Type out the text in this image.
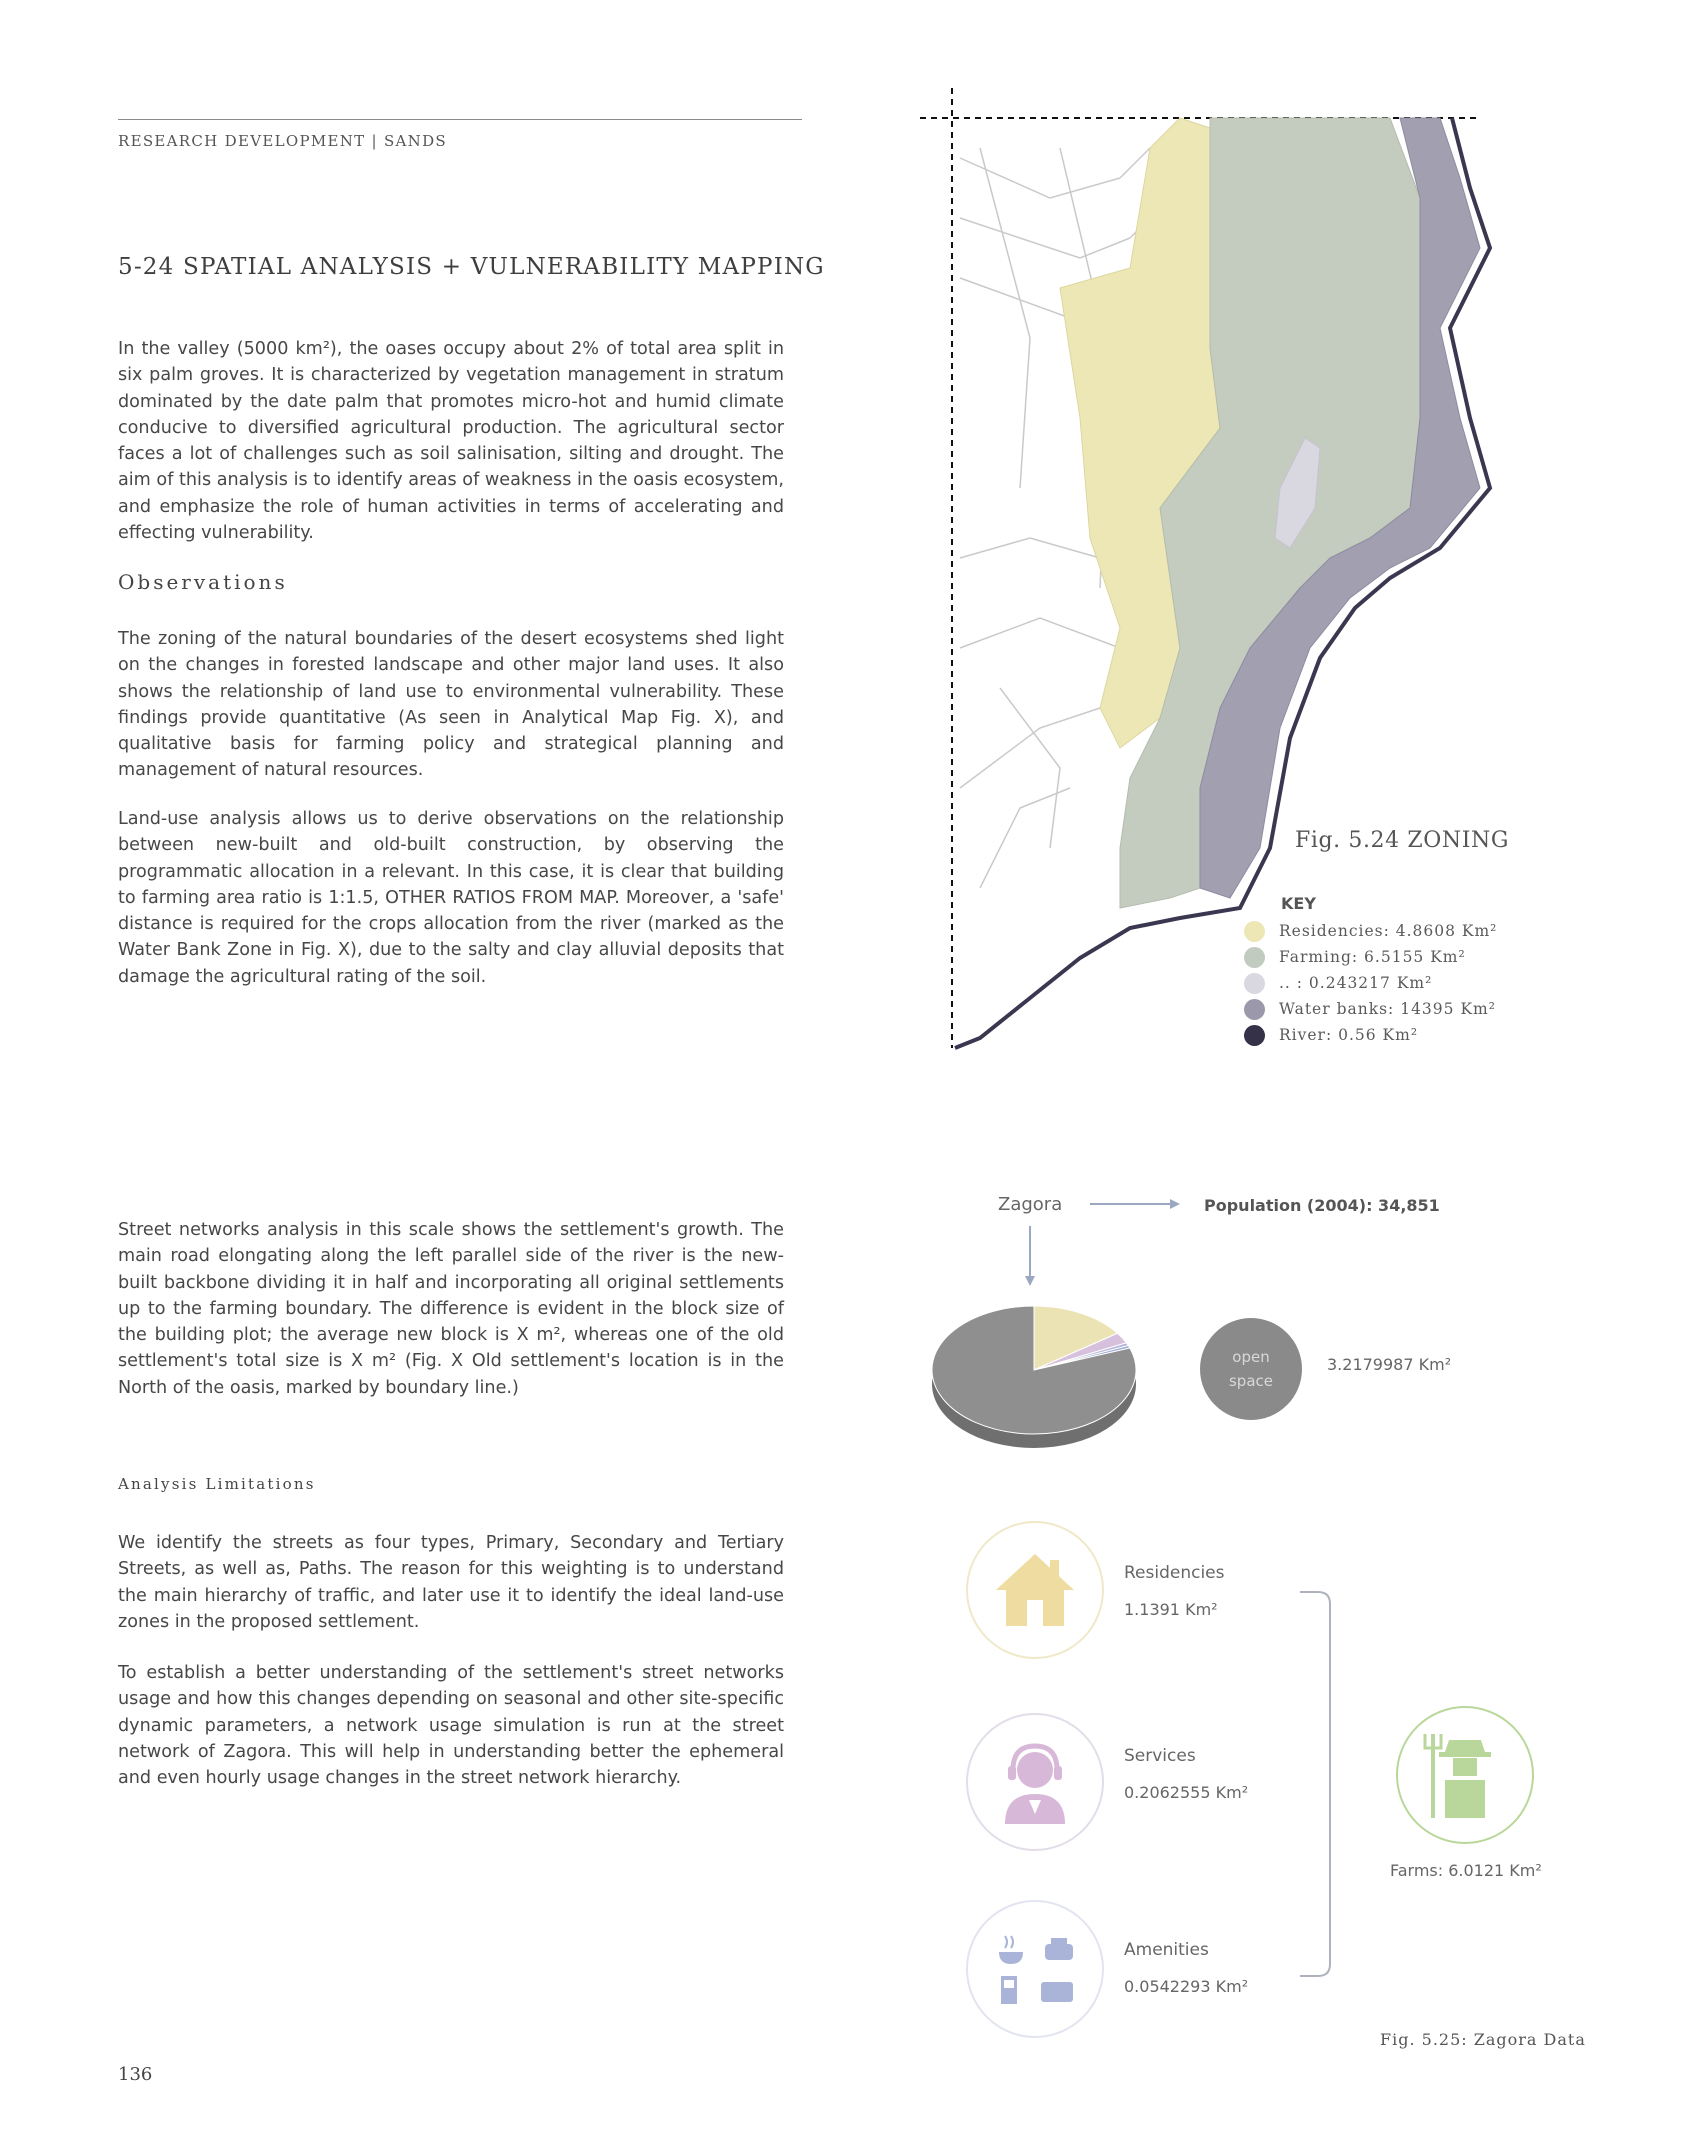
RESEARCH DEVELOPMENT | SANDS
5-24 SPATIAL ANALYSIS + VULNERABILITY MAPPING

In the valley (5000 km²), the oases occupy about 2% of total area split in six palm groves. It is characterized by vegetation management in stratum dominated by the date palm that promotes micro-hot and humid climate conducive to diversified agricultural production. The agricultural sector faces a lot of challenges such as soil salinisation, silting and drought. The aim of this analysis is to identify areas of weakness in the oasis ecosystem, and emphasize the role of human activities in terms of accelerating and effecting vulnerability.

Observations

The zoning of the natural boundaries of the desert ecosystems shed light on the changes in forested landscape and other major land uses. It also shows the relationship of land use to environmental vulnerability. These findings provide quantitative (As seen in Analytical Map Fig. X), and qualitative basis for farming policy and strategical planning and management of natural resources.

Land-use analysis allows us to derive observations on the relationship between new-built and old-built construction, by observing the programmatic allocation in a relevant. In this case, it is clear that building to farming area ratio is 1:1.5, OTHER RATIOS FROM MAP. Moreover, a 'safe' distance is required for the crops allocation from the river (marked as the Water Bank Zone in Fig. X), due to the salty and clay alluvial deposits that damage the agricultural rating of the soil.

Street networks analysis in this scale shows the settlement's growth. The main road elongating along the left parallel side of the river is the new-built backbone dividing it in half and incorporating all original settlements up to the farming boundary. The difference is evident in the block size of the building plot; the average new block is X m², whereas one of the old settlement's total size is X m² (Fig. X Old settlement's location is in the North of the oasis, marked by boundary line.)

Analysis Limitations

We identify the streets as four types, Primary, Secondary and Tertiary Streets, as well as, Paths. The reason for this weighting is to understand the main hierarchy of traffic, and later use it to identify the ideal land-use zones in the proposed settlement.

To establish a better understanding of the settlement's street networks usage and how this changes depending on seasonal and other site-specific dynamic parameters, a network usage simulation is run at the street network of Zagora. This will help in understanding better the ephemeral and even hourly usage changes in the street network hierarchy.

Fig. 5.24 ZONING
KEY
Residencies: 4.8608 Km²
Farming: 6.5155 Km²
.. : 0.243217 Km²
Water banks: 14395 Km²
River: 0.56 Km²
Zagora	Population (2004): 34,851
open
space
3.2179987 Km²
Residencies
1.1391 Km²
Services
0.2062555 Km²
Amenities
0.0542293 Km²
Farms: 6.0121 Km²
Fig. 5.25: Zagora Data
136
